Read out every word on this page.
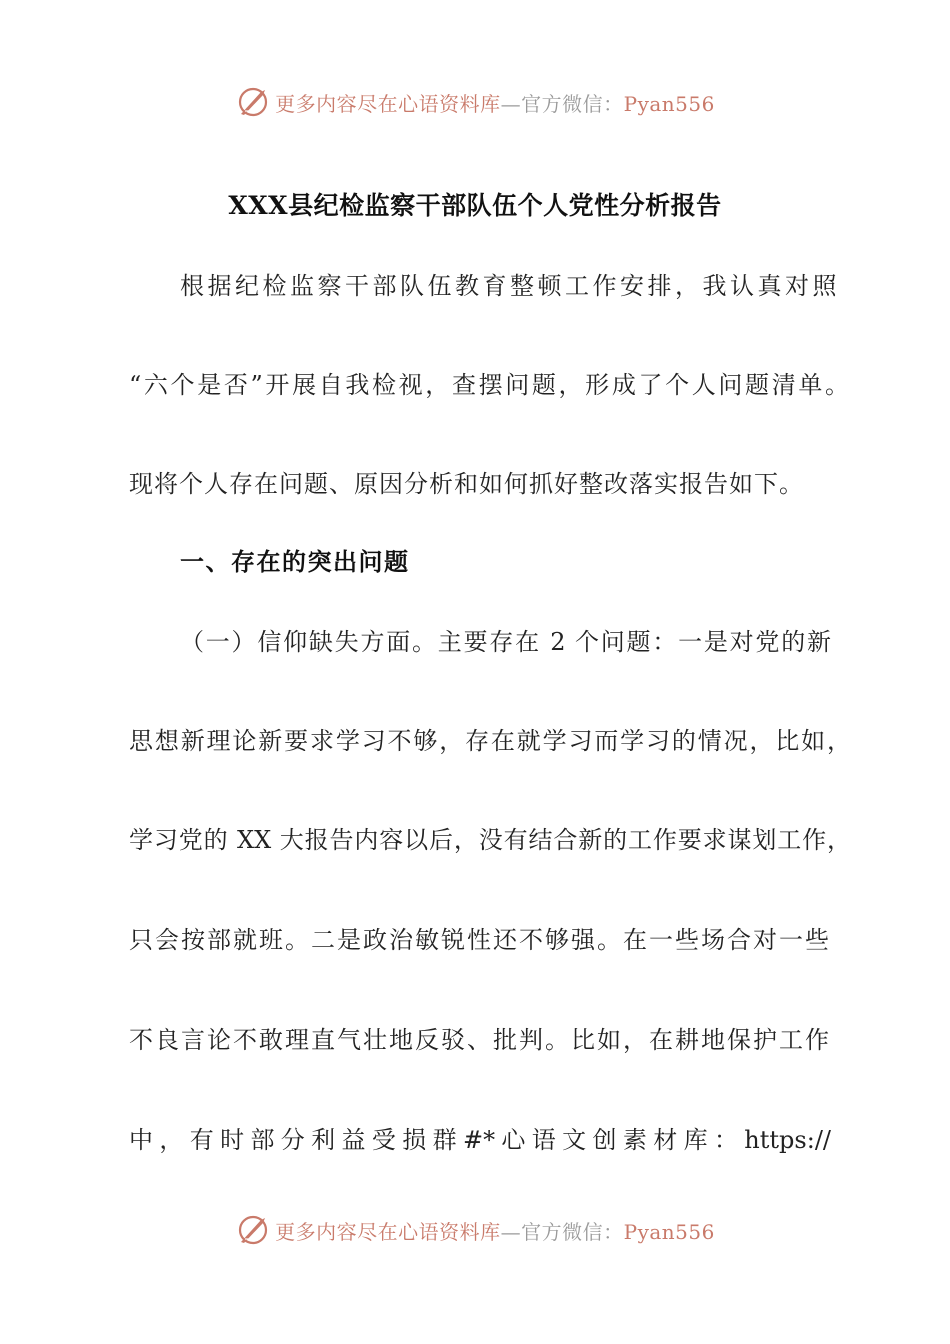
更多内容尽在心语资料库—官方微信：Pyan556
XXX县纪检监察干部队伍个人党性分析报告

根据纪检监察干部队伍教育整顿工作安排，我认真对照

“六个是否”开展自我检视，查摆问题，形成了个人问题清单。

现将个人存在问题、原因分析和如何抓好整改落实报告如下。

一、存在的突出问题

（一）信仰缺失方面。主要存在 2 个问题：一是对党的新

思想新理论新要求学习不够，存在就学习而学习的情况，比如，

学习党的 XX 大报告内容以后，没有结合新的工作要求谋划工作，

只会按部就班。二是政治敏锐性还不够强。在一些场合对一些

不良言论不敢理直气壮地反驳、批判。比如，在耕地保护工作

中，有时部分利益受损群#*心语文创素材库：https://

更多内容尽在心语资料库—官方微信：Pyan556
